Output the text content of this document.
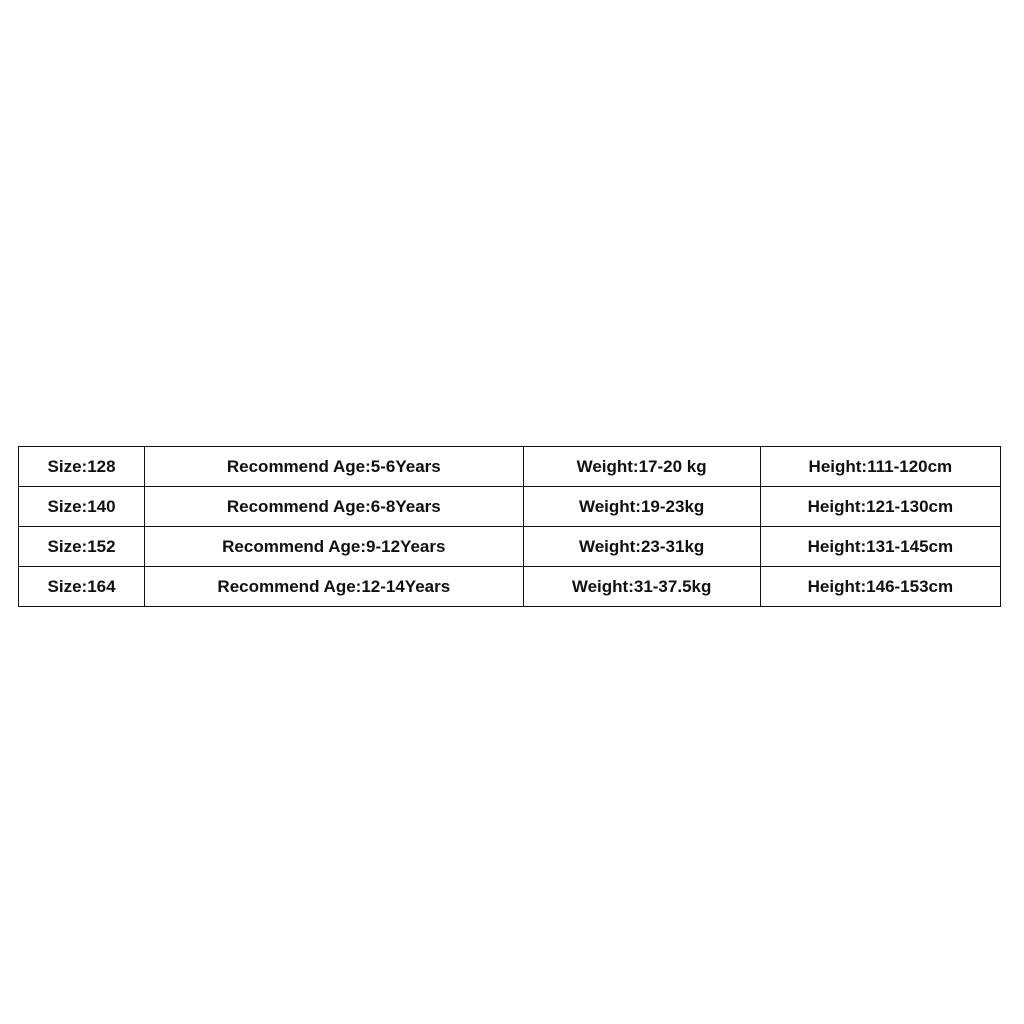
Size:128	Recommend Age:5-6Years	Weight:17-20 kg	Height:111-120cm
Size:140	Recommend Age:6-8Years	Weight:19-23kg	Height:121-130cm
Size:152	Recommend Age:9-12Years	Weight:23-31kg	Height:131-145cm
Size:164	Recommend Age:12-14Years	Weight:31-37.5kg	Height:146-153cm
